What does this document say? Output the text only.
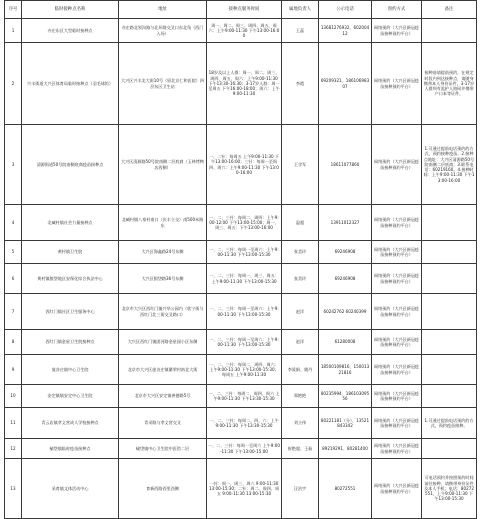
序号	临时接种点名称	地址	接种点服务时间	属地负责人	公示电话	预约方式	备注
1	亦庄东区大型临时接种点	亦庄路北领沟路与北环路交叉口东北角（西门入场）	周一、周二、周三、周四、周五、周六：上午9:00-11:30 下午13:00-16:00	王蕊	13681276932、60200412	网络预约（大兴区新冠疫苗接种预约平台）	
2	兴丰街道大兴区体育局临时接种点（羽毛球馆）	大兴区兴丰北大街10号（原北京仁和医院）四层东区卫生站	18岁及以上人群：周一、周二、周三、周四、周五、周六：上午9:00-11:30 下午13:30-16:30；3-17岁人群：周一至周五 下午16:00-18:00；周六：上午9:00-11:30	李霞	69209321、18610698307	网络预约（大兴区新冠疫苗接种预约平台）	接种前请提前预约，在规定时段内到达接种点，请随身携带本人身份证件，3-17岁人群须有监护人陪同并携带户口本等证件。
3	清源街道50号院南侧底商疫苗接种点	大兴区清源路50号院南侧二层底商（玉林烤鸭店西侧）	一、二针：每周五 上午9:00-11:30 下午13:00-16:00；三针：每周一至周四、周六：上午9:00-11:30 下午13:00-16:00	王学军	18611077860	网络预约（大兴区新冠疫苗接种预约平台）	1.可通过提前电话预约的方式，预约接种疫苗。2.接种点地址：大兴区清源路50号院南侧二层底商；3.联系电话：60219160。4.接种时间：上午9:00-11:30 下午13:00-16:00
4	北臧村镇社会力量接种点	北臧村镇八家村南口（庆丰立交）南500米路东	一、二、三针：每周二、周四：上午9:00-12:00 下午13:00-15:00；周一、周三、周五：下午13:00-16:00	温超	13911012327	网络预约（大兴区新冠疫苗接种预约平台）	
5	黄村镇卫生院	大兴区海鑫路24号东侧	一、二、三针：每周一至周六：上午9:00-11:30 下午13:00-15:30	张美玲	69246908	网络预约（大兴区新冠疫苗接种预约平台）	
6	黄村镇狼垡地区安保化综合执法中心	大兴区狼垡路36号东侧	一、二、三针：每周一、周三、周五：上午9:00-11:30 下午13:00-15:30	张美玲	69246908	网络预约（大兴区新冠疫苗接种预约平台）	
7	西红门镇社区卫生服务中心	北京市大兴区西红门镇兴华公园内（欣宁街与西红门北三街交叉路口）	一、二、三针：每周一至周六：上午9:00-11:30 下午13:00-15:30	赵洋	60242762 60240399	网络预约（大兴区新冠疫苗接种预约平台）	
8	西红门镇金星卫生院接种点	大兴区西红门镇团河路金星园小区东侧	一、二、三针：每周一至周六：上午9:00-11:30 下午13:00-15:30	赵洋	61280008	网络预约（大兴区新冠疫苗接种预约平台）	
9	庞各庄镇中心卫生院	北京市大兴区庞各庄镇繁荣村南北大街	一、二、三针：每周二、周四、周六：上午9:00-11:30 下午13:00-15:30；每周五 上午9:00-11:30	李爱娟、姚丹	18500109816、15001321816	网络预约（大兴区新冠疫苗接种预约平台）	
10	安定镇镇安定中心卫生院	北京市大兴区安定镇善德路5号	一、二、三针：每周二、周四、周六 上午9:00-11:30 下午13:30-15:30	郑艳艳	80235994、18610309556	网络预约（大兴区新冠疫苗接种预约平台）	
11	青云店镇孝义营成人学校接种点	青采路与孝义营交叉	一、二、三针：每周二、四、六：上午9:00-11:30 下午13:30-15:30	刘立伟	80221181（分）、13521843342	网络预约（大兴区新冠疫苗接种预约平台）	1.可通过提前电话预约的方式，预约疫苗接种。
12	榆垡镇临时疫苗接种点	榆垡镇中心卫生院中医馆二层	一、二、三针：每周一至周六 上午9:00-11:30 下午13:00-15:00	崔艳超、王茹	89219291、80281400	网络预约（大兴区新冠疫苗接种预约平台）	
13	采育镇文体活动中心	育新西路西里西侧	一针：周一、周三、周六 9:00-11:30 13:00-15:30；二针：周二、周四、周五 9:00-11:30 13:00-15:30	汪治宇	80272551	网络预约（大兴区新冠疫苗接种预约平台）	可电话预约并按照预约时间前往接种，请携带身份证件及本人手机；电话：80272551，上午9:00-11:30 下午13:00-15:30
